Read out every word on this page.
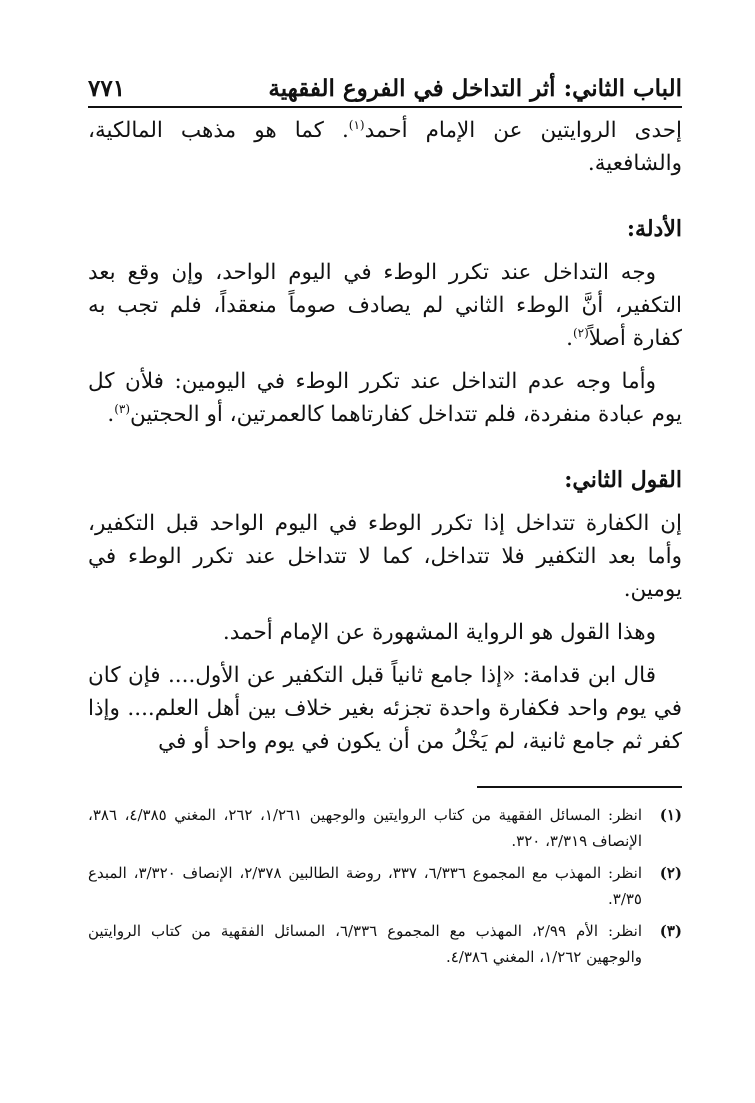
الباب الثاني: أثر التداخل في الفروع الفقهية
٧٧١

إحدى الروايتين عن الإمام أحمد$^{(١)}$. كما هو مذهب المالكية، والشافعية.

الأدلة:

وجه التداخل عند تكرر الوطء في اليوم الواحد، وإن وقع بعد التكفير، أنَّ الوطء الثاني لم يصادف صوماً منعقداً، فلم تجب به كفارة أصلاً$^{(٢)}$.

وأما وجه عدم التداخل عند تكرر الوطء في اليومين: فلأن كل يوم عبادة منفردة، فلم تتداخل كفارتاهما كالعمرتين، أو الحجتين$^{(٣)}$.

القول الثاني:

إن الكفارة تتداخل إذا تكرر الوطء في اليوم الواحد قبل التكفير، وأما بعد التكفير فلا تتداخل، كما لا تتداخل عند تكرر الوطء في يومين.

وهذا القول هو الرواية المشهورة عن الإمام أحمد.

قال ابن قدامة: «إذا جامع ثانياً قبل التكفير عن الأول.... فإن كان في يوم واحد فكفارة واحدة تجزئه بغير خلاف بين أهل العلم.... وإذا كفر ثم جامع ثانية، لم يَخْلُ من أن يكون في يوم واحد أو في

(١)
انظر: المسائل الفقهية من كتاب الروايتين والوجهين ١/٢٦١، ٢٦٢، المغني ٤/٣٨٥، ٣٨٦، الإنصاف ٣/٣١٩، ٣٢٠.
(٢)
انظر: المهذب مع المجموع ٦/٣٣٦، ٣٣٧، روضة الطالبين ٢/٣٧٨، الإنصاف ٣/٣٢٠، المبدع ٣/٣٥.
(٣)
انظر: الأم ٢/٩٩، المهذب مع المجموع ٦/٣٣٦، المسائل الفقهية من كتاب الروايتين والوجهين ١/٢٦٢، المغني ٤/٣٨٦.
